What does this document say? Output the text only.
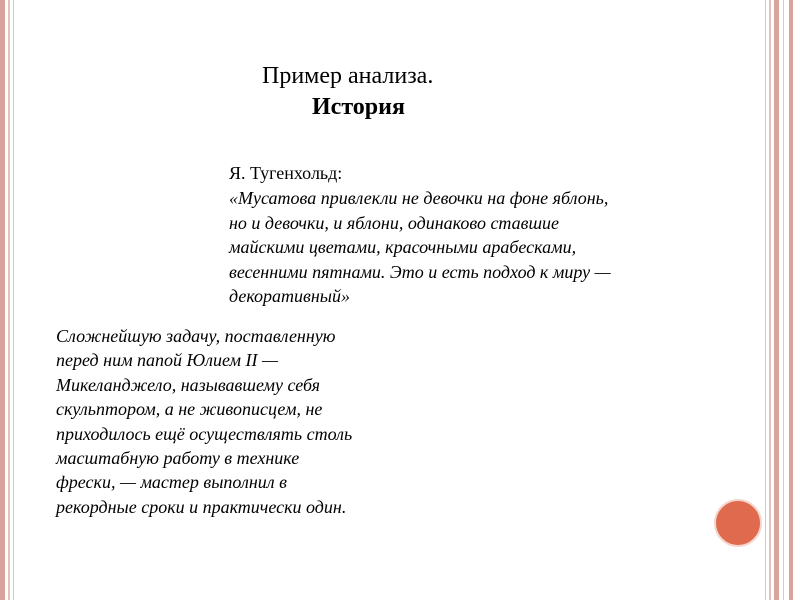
Пример анализа.
История
Я. Тугенхольд:
«Мусатова привлекли не девочки на фоне яблонь,
но и девочки, и яблони, одинаково ставшие
майскими цветами, красочными арабесками,
весенними пятнами. Это и есть подход к миру —
декоративный»
Сложнейшую задачу, поставленную
перед ним папой Юлием II —
Микеланджело, называвшему себя
скульптором, а не живописцем, не
приходилось ещё осуществлять столь
масштабную работу в технике
фрески, — мастер выполнил в
рекордные сроки и практически один.
